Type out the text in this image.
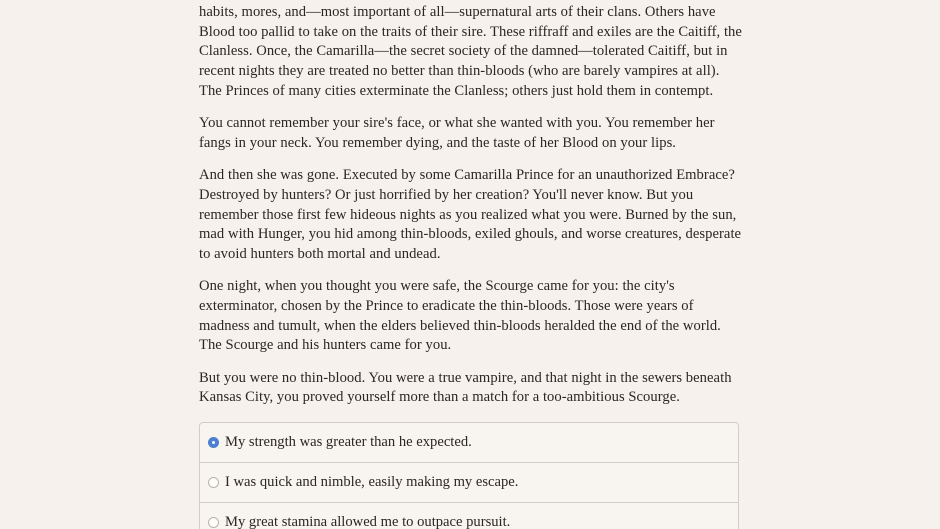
habits, mores, and—most important of all—supernatural arts of their clans. Others have Blood too pallid to take on the traits of their sire. These riffraff and exiles are the Caitiff, the Clanless. Once, the Camarilla—the secret society of the damned—tolerated Caitiff, but in recent nights they are treated no better than thin-bloods (who are barely vampires at all). The Princes of many cities exterminate the Clanless; others just hold them in contempt.

You cannot remember your sire's face, or what she wanted with you. You remember her fangs in your neck. You remember dying, and the taste of her Blood on your lips.

And then she was gone. Executed by some Camarilla Prince for an unauthorized Embrace? Destroyed by hunters? Or just horrified by her creation? You'll never know. But you remember those first few hideous nights as you realized what you were. Burned by the sun, mad with Hunger, you hid among thin-bloods, exiled ghouls, and worse creatures, desperate to avoid hunters both mortal and undead.

One night, when you thought you were safe, the Scourge came for you: the city's exterminator, chosen by the Prince to eradicate the thin-bloods. Those were years of madness and tumult, when the elders believed thin-bloods heralded the end of the world. The Scourge and his hunters came for you.

But you were no thin-blood. You were a true vampire, and that night in the sewers beneath Kansas City, you proved yourself more than a match for a too-ambitious Scourge.

My strength was greater than he expected.
I was quick and nimble, easily making my escape.
My great stamina allowed me to outpace pursuit.
